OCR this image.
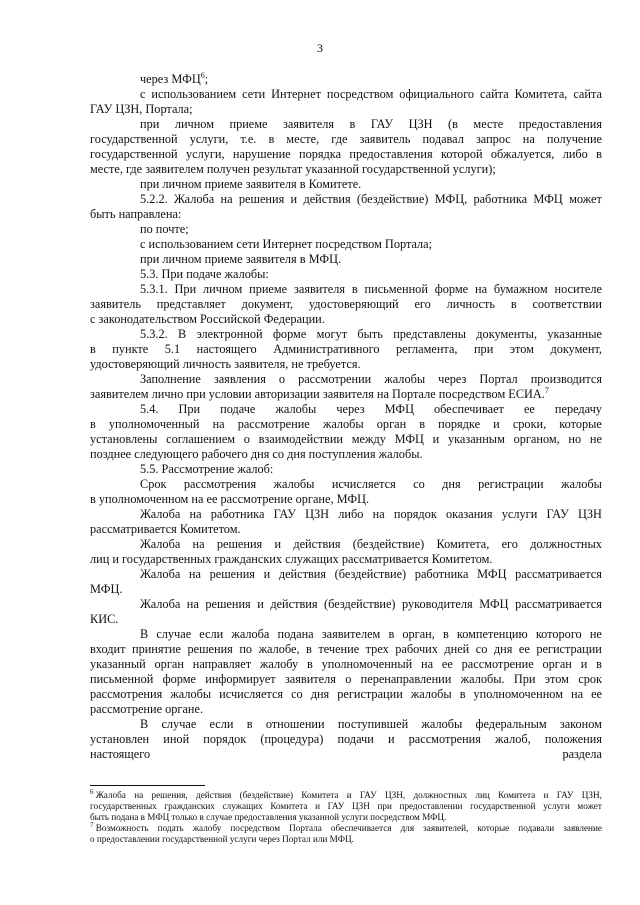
3
через МФЦ$^6$;
с использованием сети Интернет посредством официального сайта Комитета, сайта
ГАУ ЦЗН, Портала;
при личном приеме заявителя в ГАУ ЦЗН (в месте предоставления
государственной услуги, т.е. в месте, где заявитель подавал запрос на получение
государственной услуги, нарушение порядка предоставления которой обжалуется, либо в
месте, где заявителем получен результат указанной государственной услуги);
при личном приеме заявителя в Комитете.
5.2.2. Жалоба на решения и действия (бездействие) МФЦ, работника МФЦ может
быть направлена:
по почте;
с использованием сети Интернет посредством Портала;
при личном приеме заявителя в МФЦ.
5.3. При подаче жалобы:
5.3.1. При личном приеме заявителя в письменной форме на бумажном носителе
заявитель представляет документ, удостоверяющий его личность в соответствии
с законодательством Российской Федерации.
5.3.2. В электронной форме могут быть представлены документы, указанные
в пункте 5.1 настоящего Административного регламента, при этом документ,
удостоверяющий личность заявителя, не требуется.
Заполнение заявления о рассмотрении жалобы через Портал производится
заявителем лично при условии авторизации заявителя на Портале посредством ЕСИА.$^7$
5.4. При подаче жалобы через МФЦ обеспечивает ее передачу
в уполномоченный на рассмотрение жалобы орган в порядке и сроки, которые
установлены соглашением о взаимодействии между МФЦ и указанным органом, но не
позднее следующего рабочего дня со дня поступления жалобы.
5.5. Рассмотрение жалоб:
Срок рассмотрения жалобы исчисляется со дня регистрации жалобы
в уполномоченном на ее рассмотрение органе, МФЦ.
Жалоба на работника ГАУ ЦЗН либо на порядок оказания услуги ГАУ ЦЗН
рассматривается Комитетом.
Жалоба на решения и действия (бездействие) Комитета, его должностных
лиц и государственных гражданских служащих рассматривается Комитетом.
Жалоба на решения и действия (бездействие) работника МФЦ рассматривается
МФЦ.
Жалоба на решения и действия (бездействие) руководителя МФЦ рассматривается
КИС.
В случае если жалоба подана заявителем в орган, в компетенцию которого не
входит принятие решения по жалобе, в течение трех рабочих дней со дня ее регистрации
указанный орган направляет жалобу в уполномоченный на ее рассмотрение орган и в
письменной форме информирует заявителя о перенаправлении жалобы. При этом срок
рассмотрения жалобы исчисляется со дня регистрации жалобы в уполномоченном на ее
рассмотрение органе.
В случае если в отношении поступившей жалобы федеральным законом
установлен иной порядок (процедура) подачи и рассмотрения жалоб, положения
настоящего	раздела
$^6$ Жалоба на решения, действия (бездействие) Комитета и ГАУ ЦЗН, должностных лиц Комитета и ГАУ ЦЗН,
государственных гражданских служащих Комитета и ГАУ ЦЗН при предоставлении государственной услуги может
быть подана в МФЦ только в случае предоставления указанной услуги посредством МФЦ.
$^7$ Возможность подать жалобу посредством Портала обеспечивается для заявителей, которые подавали заявление
о предоставлении государственной услуги через Портал или МФЦ.
